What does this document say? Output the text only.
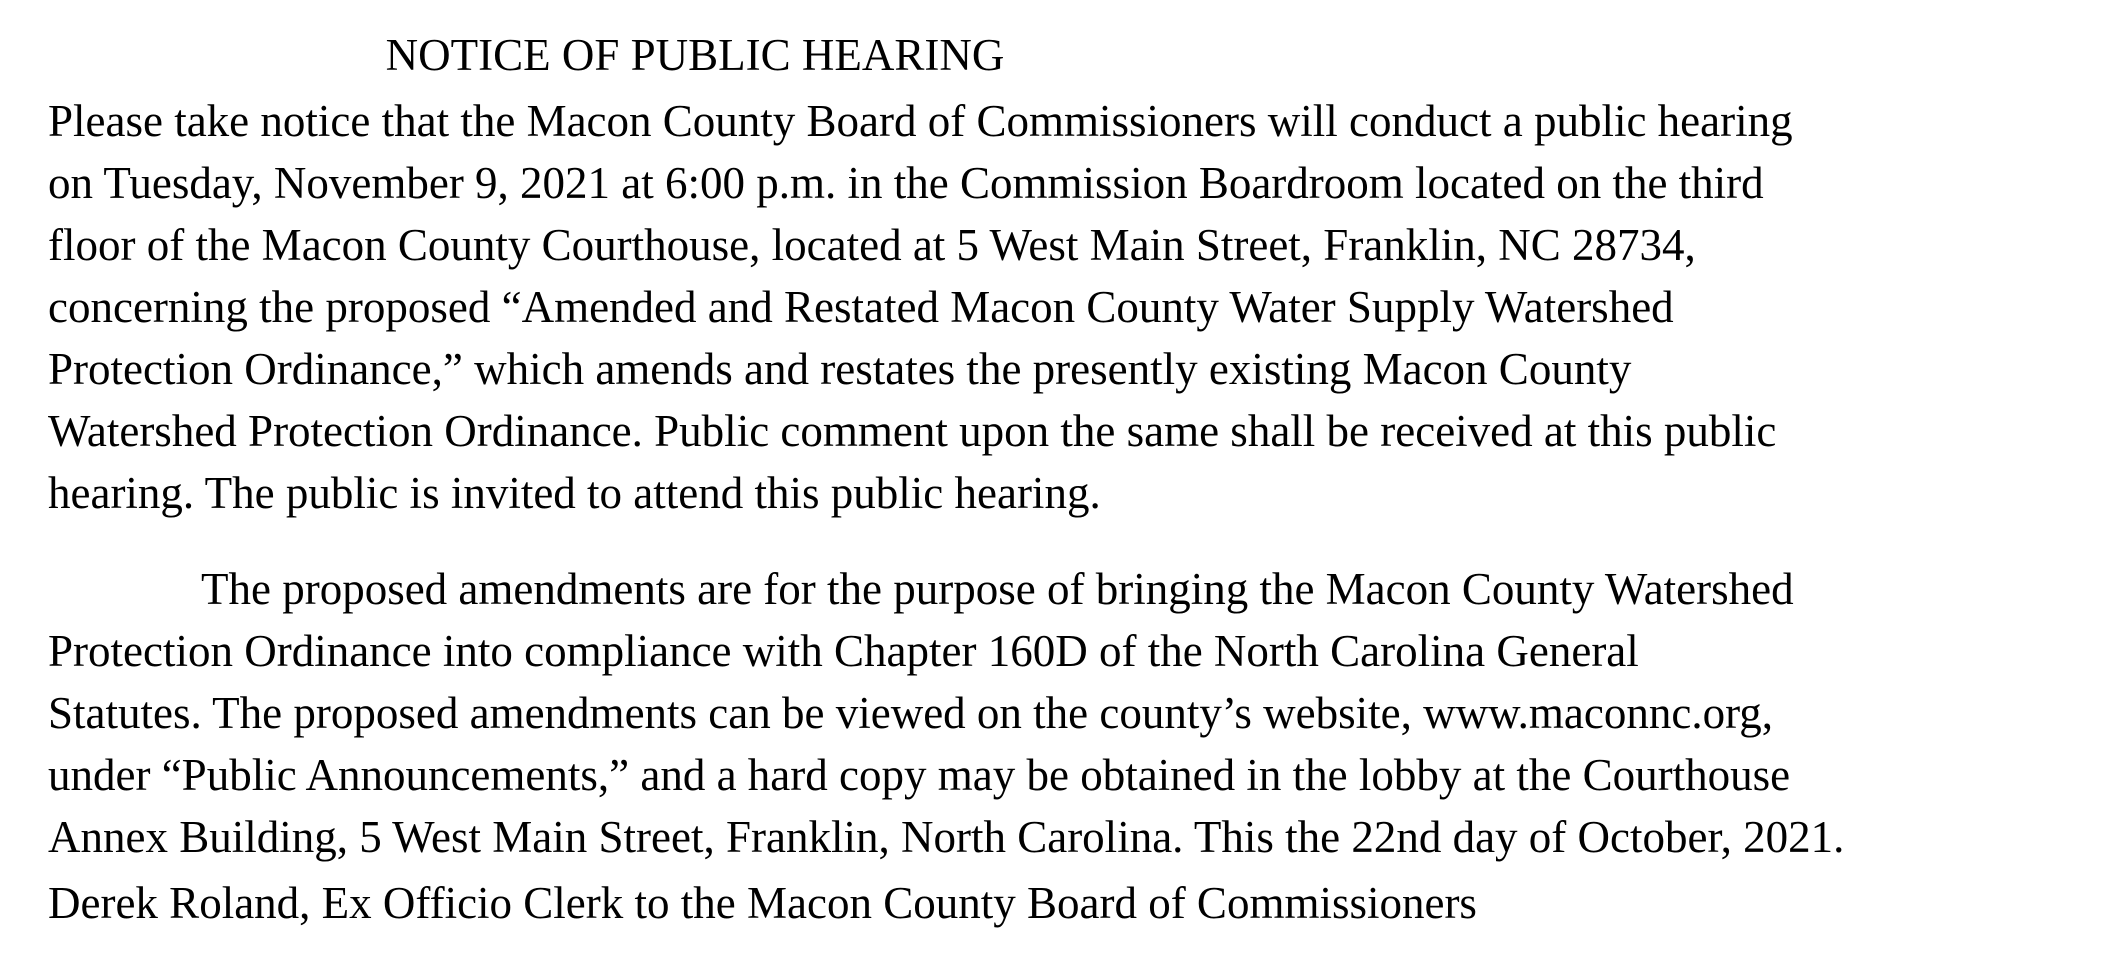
NOTICE OF PUBLIC HEARING
Please take notice that the Macon County Board of Commissioners will conduct a public hearing
on Tuesday, November 9, 2021 at 6:00 p.m. in the Commission Boardroom located on the third
floor of the Macon County Courthouse, located at 5 West Main Street, Franklin, NC 28734,
concerning the proposed “Amended and Restated Macon County Water Supply Watershed
Protection Ordinance,” which amends and restates the presently existing Macon County
Watershed Protection Ordinance. Public comment upon the same shall be received at this public
hearing. The public is invited to attend this public hearing.
The proposed amendments are for the purpose of bringing the Macon County Watershed
Protection Ordinance into compliance with Chapter 160D of the North Carolina General
Statutes. The proposed amendments can be viewed on the county’s website, www.maconnc.org,
under “Public Announcements,” and a hard copy may be obtained in the lobby at the Courthouse
Annex Building, 5 West Main Street, Franklin, North Carolina. This the 22nd day of October, 2021.
Derek Roland, Ex Officio Clerk to the Macon County Board of Commissioners
